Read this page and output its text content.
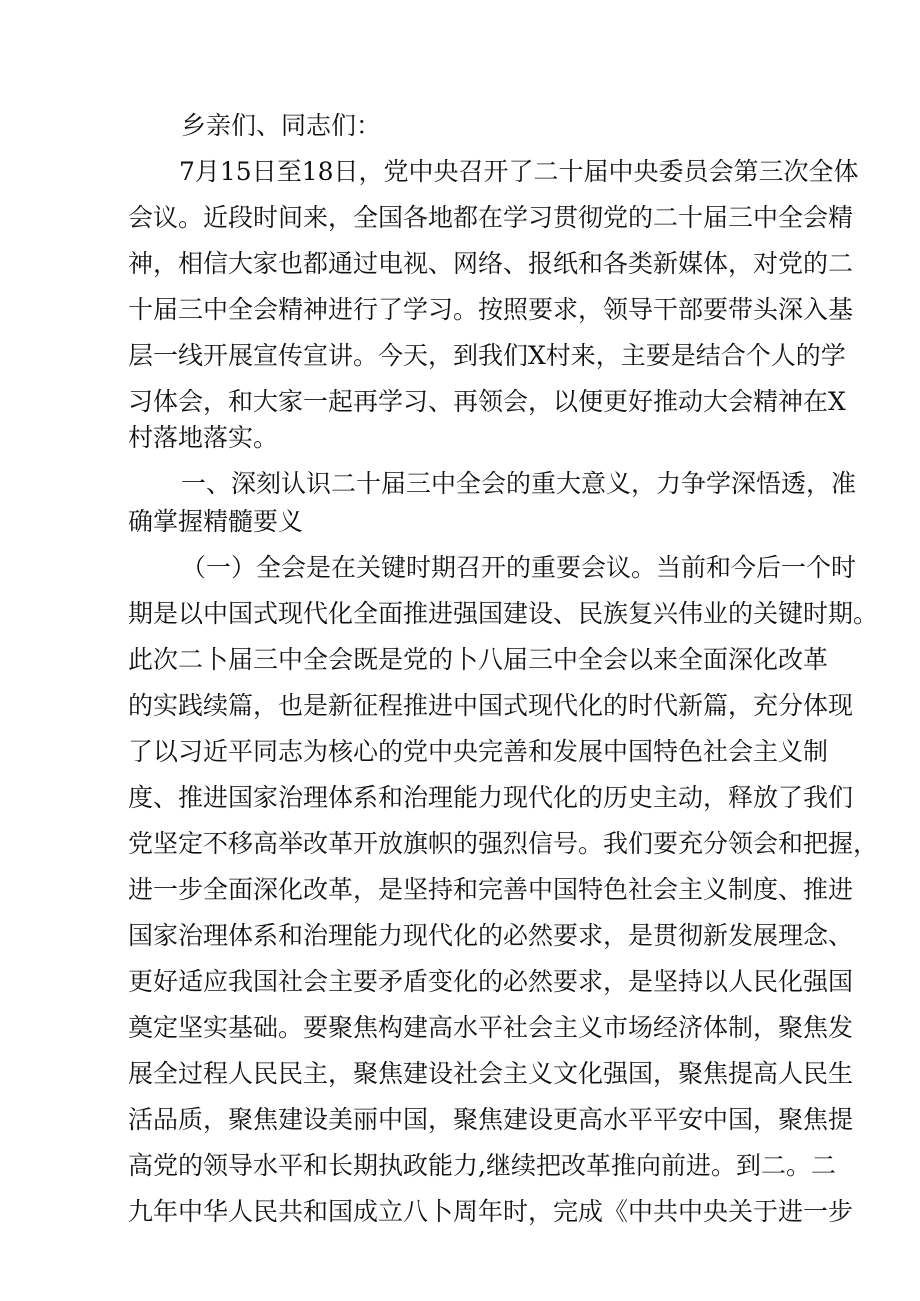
乡亲们、同志们：
7月15日至18日，党中央召开了二十届中央委员会第三次全体
会议。近段时间来，全国各地都在学习贯彻党的二十届三中全会精
神，相信大家也都通过电视、网络、报纸和各类新媒体，对党的二
十届三中全会精神进行了学习。按照要求，领导干部要带头深入基
层一线开展宣传宣讲。今天，到我们X村来，主要是结合个人的学
习体会，和大家一起再学习、再领会，以便更好推动大会精神在X
村落地落实。
一、深刻认识二十届三中全会的重大意义，力争学深悟透，准
确掌握精髓要义
（一）全会是在关键时期召开的重要会议。当前和今后一个时
期是以中国式现代化全面推进强国建设、民族复兴伟业的关键时期。
此次二卜届三中全会既是党的卜八届三中全会以来全面深化改革
的实践续篇，也是新征程推进中国式现代化的时代新篇，充分体现
了以习近平同志为核心的党中央完善和发展中国特色社会主义制
度、推进国家治理体系和治理能力现代化的历史主动，释放了我们
党坚定不移高举改革开放旗帜的强烈信号。我们要充分领会和把握，
进一步全面深化改革，是坚持和完善中国特色社会主义制度、推进
国家治理体系和治理能力现代化的必然要求，是贯彻新发展理念、
更好适应我国社会主要矛盾变化的必然要求，是坚持以人民化强国
奠定坚实基础。要聚焦构建高水平社会主义市场经济体制，聚焦发
展全过程人民民主，聚焦建设社会主义文化强国，聚焦提高人民生
活品质，聚焦建设美丽中国，聚焦建设更高水平平安中国，聚焦提
高党的领导水平和长期执政能力,继续把改革推向前进。到二。二
九年中华人民共和国成立八卜周年时，完成《中共中央关于进一步
